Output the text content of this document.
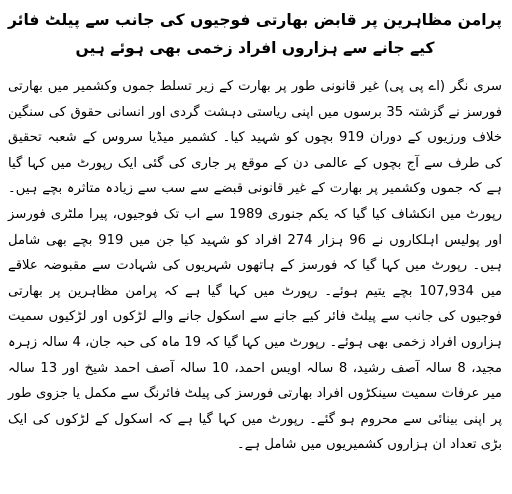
پرامن مظاہرین پر قابض بھارتی فوجیوں کی جانب سے پیلٹ فائر کیے جانے سے ہزاروں افراد زخمی بھی ہوئے ہیں

سری نگر (اے پی پی) غیر قانونی طور پر بھارت کے زیر تسلط جموں وکشمیر میں بھارتی فورسز نے گزشتہ 35 برسوں میں اپنی ریاستی دہشت گردی اور انسانی حقوق کی سنگین خلاف ورزیوں کے دوران 919 بچوں کو شہید کیا۔ کشمیر میڈیا سروس کے شعبہ تحقیق کی طرف سے آج بچوں کے عالمی دن کے موقع پر جاری کی گئی ایک رپورٹ میں کہا گیا ہے کہ جموں وکشمیر پر بھارت کے غیر قانونی قبضے سے سب سے زیادہ متاثرہ بچے ہیں۔ رپورٹ میں انکشاف کیا گیا کہ یکم جنوری 1989 سے اب تک فوجیوں، پیرا ملٹری فورسز اور پولیس اہلکاروں نے 96 ہزار 274 افراد کو شہید کیا جن میں 919 بچے بھی شامل ہیں۔ رپورٹ میں کہا گیا کہ فورسز کے ہاتھوں شہریوں کی شہادت سے مقبوضہ علاقے میں 107,934 بچے یتیم ہوئے۔ رپورٹ میں کہا گیا ہے کہ پرامن مظاہرین پر بھارتی فوجیوں کی جانب سے پیلٹ فائر کیے جانے سے اسکول جانے والے لڑکوں اور لڑکیوں سمیت ہزاروں افراد زخمی بھی ہوئے۔ رپورٹ میں کہا گیا کہ 19 ماہ کی حبہ جان، 4 سالہ زہرہ مجید، 8 سالہ آصف رشید، 8 سالہ اویس احمد، 10 سالہ آصف احمد شیخ اور 13 سالہ میر عرفات سمیت سینکڑوں افراد بھارتی فورسز کی پیلٹ فائرنگ سے مکمل یا جزوی طور پر اپنی بینائی سے محروم ہو گئے۔ رپورٹ میں کہا گیا ہے کہ اسکول کے لڑکوں کی ایک بڑی تعداد ان ہزاروں کشمیریوں میں شامل ہے۔
